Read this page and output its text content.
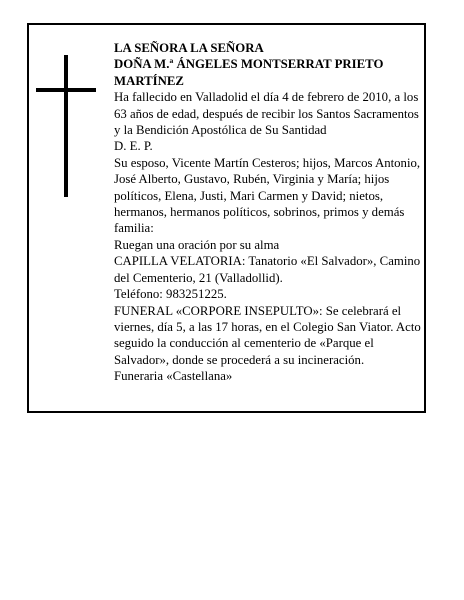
LA SEÑORA LA SEÑORA

DOÑA M.ª ÁNGELES MONTSERRAT PRIETO MARTÍNEZ

Ha fallecido en Valladolid el día 4 de febrero de 2010, a los 63 años de edad, después de recibir los Santos Sacramentos y la Bendición Apostólica de Su Santidad

D. E. P.

Su esposo, Vicente Martín Cesteros; hijos, Marcos Antonio, José Alberto, Gustavo, Rubén, Virginia y María; hijos políticos, Elena, Justi, Mari Carmen y David; nietos, hermanos, hermanos políticos, sobrinos, primos y demás familia:

Ruegan una oración por su alma

CAPILLA VELATORIA: Tanatorio «El Salvador», Camino del Cementerio, 21 (Valladollid).

Teléfono: 983251225.

FUNERAL «CORPORE INSEPULTO»: Se celebrará el viernes, día 5, a las 17 horas, en el Colegio San Viator. Acto seguido la conducción al cementerio de «Parque el Salvador», donde se procederá a su incineración.

Funeraria «Castellana»
